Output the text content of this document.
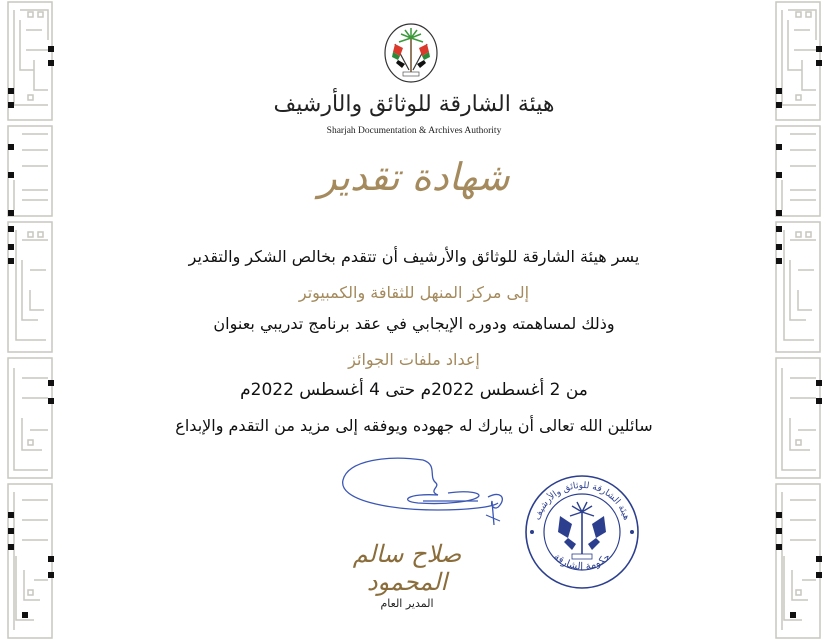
هيئة الشارقة للوثائق والأرشيف
Sharjah Documentation & Archives Authority
شهادة تقدير
يسر هيئة الشارقة للوثائق والأرشيف أن تتقدم بخالص الشكر والتقدير
إلى مركز المنهل للثقافة والكمبيوتر
وذلك لمساهمته ودوره الإيجابي في عقد برنامج تدريبي بعنوان
إعداد ملفات الجوائز
من 2 أغسطس 2022م حتى 4 أغسطس 2022م
سائلين الله تعالى أن يبارك له جهوده ويوفقه إلى مزيد من التقدم والإبداع
صلاح سالم المحمود
المدير العام
هيئة الشارقة للوثائق والأرشيف
حكومة الشارقة
